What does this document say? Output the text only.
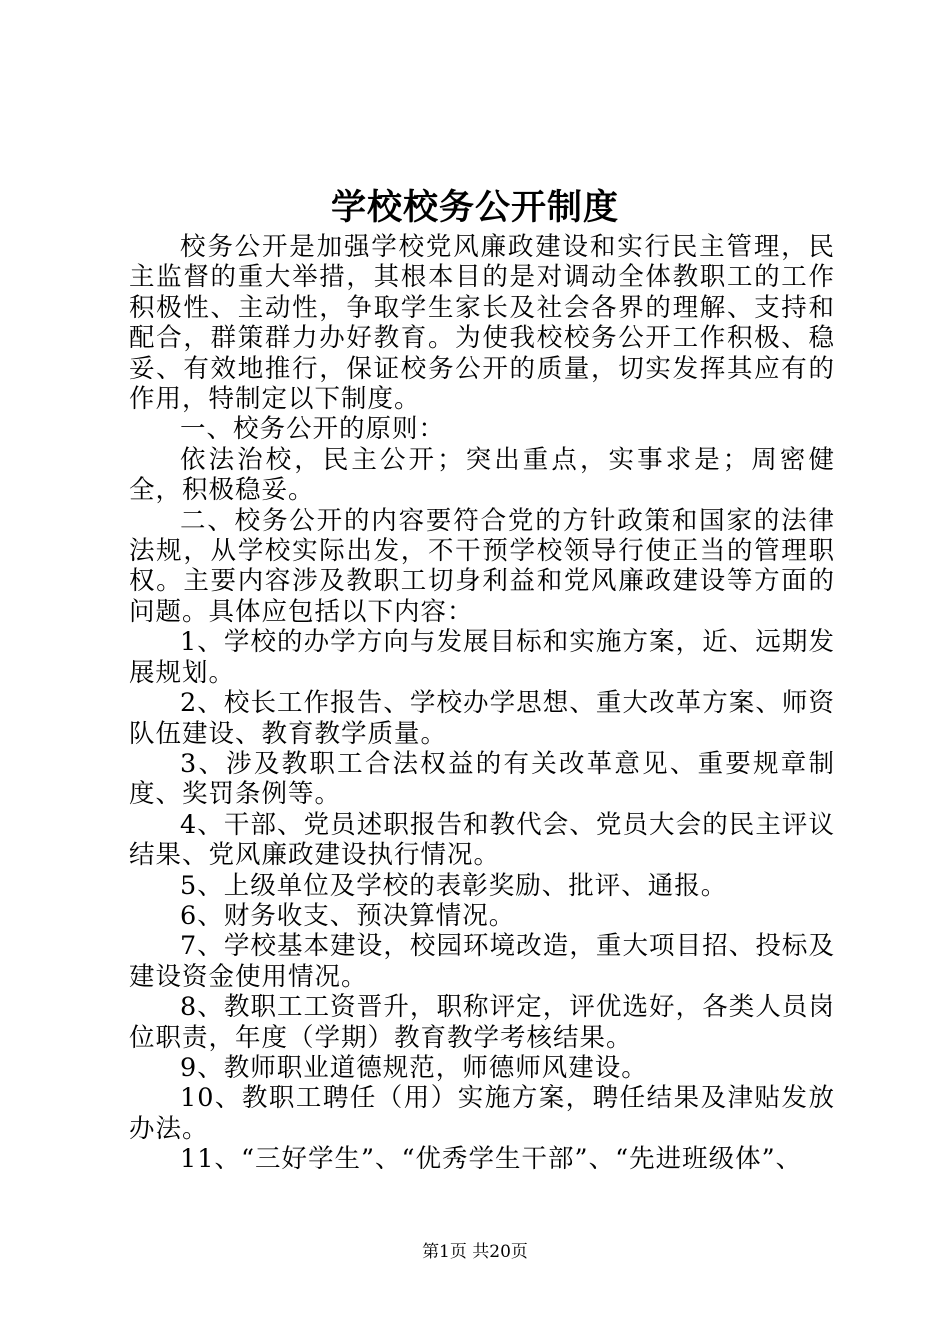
学校校务公开制度

校务公开是加强学校党风廉政建设和实行民主管理，民主监督的重大举措，其根本目的是对调动全体教职工的工作积极性、主动性，争取学生家长及社会各界的理解、支持和配合，群策群力办好教育。为使我校校务公开工作积极、稳妥、有效地推行，保证校务公开的质量，切实发挥其应有的作用，特制定以下制度。

一、校务公开的原则：

依法治校，民主公开；突出重点，实事求是；周密健全，积极稳妥。

二、校务公开的内容要符合党的方针政策和国家的法律法规，从学校实际出发，不干预学校领导行使正当的管理职权。主要内容涉及教职工切身利益和党风廉政建设等方面的问题。具体应包括以下内容：

1、学校的办学方向与发展目标和实施方案，近、远期发展规划。

2、校长工作报告、学校办学思想、重大改革方案、师资队伍建设、教育教学质量。

3、涉及教职工合法权益的有关改革意见、重要规章制度、奖罚条例等。

4、干部、党员述职报告和教代会、党员大会的民主评议结果、党风廉政建设执行情况。

5、上级单位及学校的表彰奖励、批评、通报。

6、财务收支、预决算情况。

7、学校基本建设，校园环境改造，重大项目招、投标及建设资金使用情况。

8、教职工工资晋升，职称评定，评优选好，各类人员岗位职责，年度（学期）教育教学考核结果。

9、教师职业道德规范，师德师风建设。

10、教职工聘任（用）实施方案，聘任结果及津贴发放办法。

11、“三好学生”、“优秀学生干部”、“先进班级体”、

第1页 共20页
